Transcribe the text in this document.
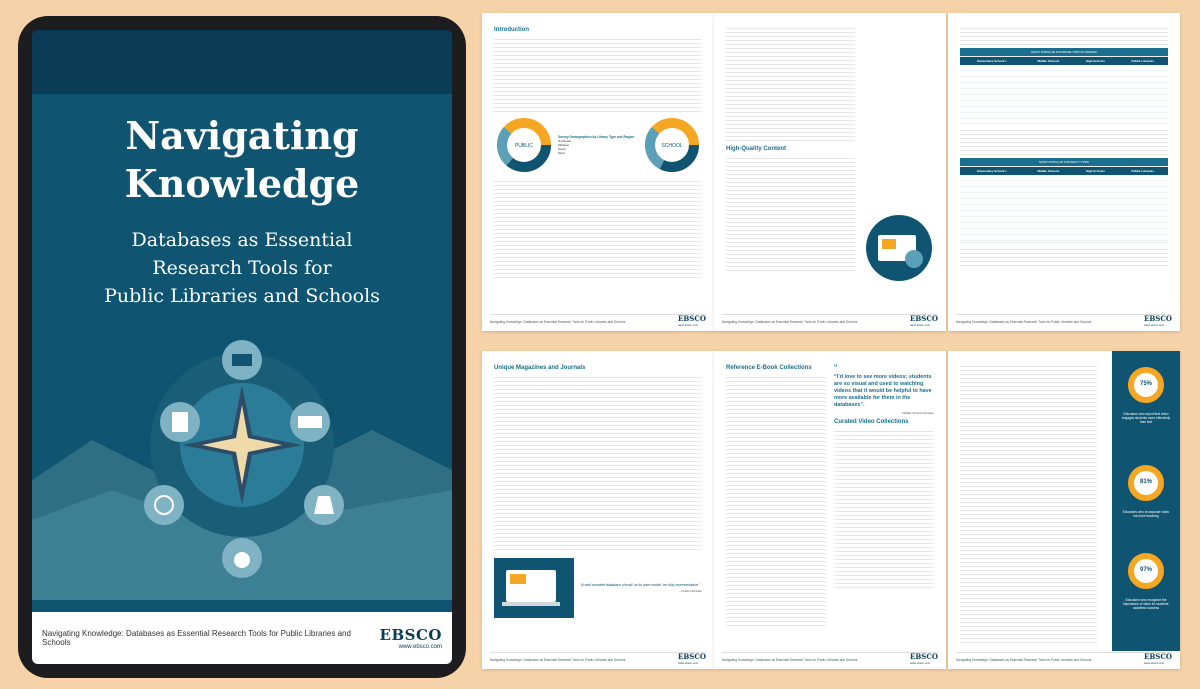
Navigating
Knowledge
Databases as Essential
Research Tools for
Public Libraries and Schools
Navigating Knowledge: Databases as Essential Research Tools for Public Libraries and Schools	EBSCO
www.ebsco.com
Introduction
PUBLIC
Survey Demographics by Library Type and Region
Northeast
Midwest
South
West
SCHOOL
Navigating Knowledge: Databases as Essential Research Tools for Public Libraries and Schools	EBSCO
www.ebsco.com
High-Quality Content
Navigating Knowledge: Databases as Essential Research Tools for Public Libraries and Schools	EBSCO
www.ebsco.com
MOST POPULAR DATABASE TOPICS/THEMES
Elementary School's	Middle Schools	High Schools	Public Libraries

MOST POPULAR CONTENT TYPES
Elementary School's	Middle Schools	High Schools	Public Libraries

Navigating Knowledge: Databases as Essential Research Tools for Public Libraries and Schools	EBSCO
www.ebsco.com
Unique Magazines and Journals
“A well-rounded database should, at its bare model, be fully representative.”
– Public Librarian
Navigating Knowledge: Databases as Essential Research Tools for Public Libraries and Schools	EBSCO
www.ebsco.com
Reference E-Book Collections	“
“I’d love to see more videos; students are so visual and used to watching videos that it would be helpful to have more available for them in the databases”.
– Middle School Librarian
Curated Video Collections
Navigating Knowledge: Databases as Essential Research Tools for Public Libraries and Schools	EBSCO
www.ebsco.com
75%
Educators who report that video engages students more effectively than text
81%
Educators who incorporate video into their teaching
97%
Educators who recognize the importance of video for students' academic success
Navigating Knowledge: Databases as Essential Research Tools for Public Libraries and Schools	EBSCO
www.ebsco.com
